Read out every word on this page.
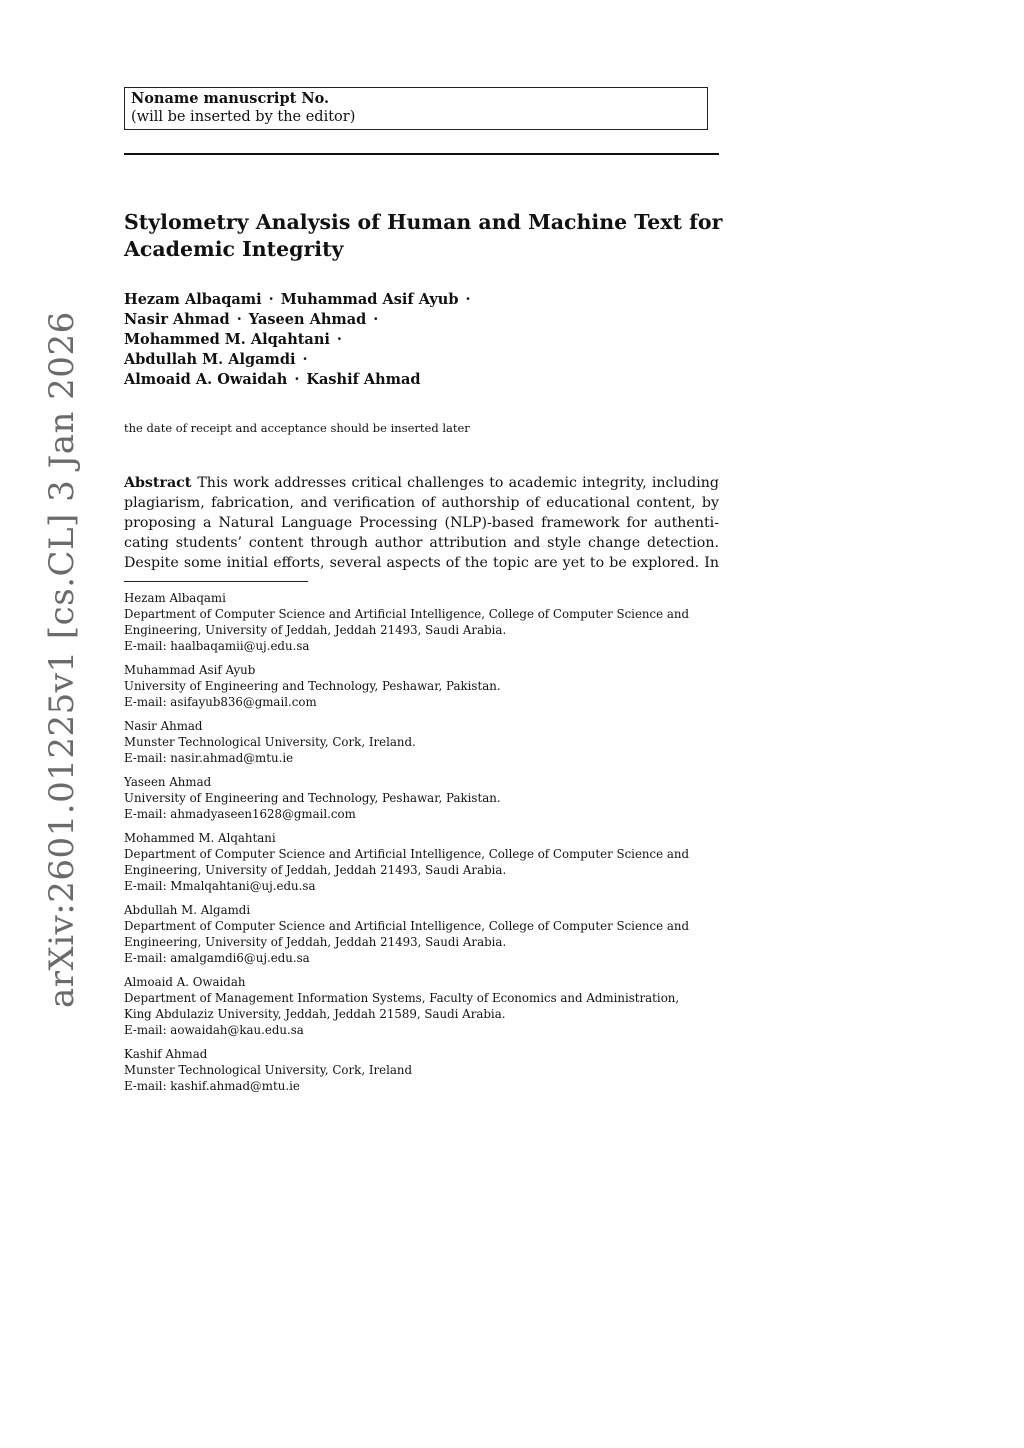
Noname manuscript No.
(will be inserted by the editor)
Stylometry Analysis of Human and Machine Text for
Academic Integrity
Hezam Albaqami · Muhammad Asif Ayub ·
Nasir Ahmad · Yaseen Ahmad ·
Mohammed M. Alqahtani ·
Abdullah M. Algamdi ·
Almoaid A. Owaidah · Kashif Ahmad
the date of receipt and acceptance should be inserted later
Abstract This work addresses critical challenges to academic integrity, including
plagiarism, fabrication, and verification of authorship of educational content, by
proposing a Natural Language Processing (NLP)-based framework for authenti-
cating students’ content through author attribution and style change detection.
Despite some initial efforts, several aspects of the topic are yet to be explored. In
Hezam Albaqami
Department of Computer Science and Artificial Intelligence, College of Computer Science and
Engineering, University of Jeddah, Jeddah 21493, Saudi Arabia.
E-mail: haalbaqamii@uj.edu.sa
Muhammad Asif Ayub
University of Engineering and Technology, Peshawar, Pakistan.
E-mail: asifayub836@gmail.com
Nasir Ahmad
Munster Technological University, Cork, Ireland.
E-mail: nasir.ahmad@mtu.ie
Yaseen Ahmad
University of Engineering and Technology, Peshawar, Pakistan.
E-mail: ahmadyaseen1628@gmail.com
Mohammed M. Alqahtani
Department of Computer Science and Artificial Intelligence, College of Computer Science and
Engineering, University of Jeddah, Jeddah 21493, Saudi Arabia.
E-mail: Mmalqahtani@uj.edu.sa
Abdullah M. Algamdi
Department of Computer Science and Artificial Intelligence, College of Computer Science and
Engineering, University of Jeddah, Jeddah 21493, Saudi Arabia.
E-mail: amalgamdi6@uj.edu.sa
Almoaid A. Owaidah
Department of Management Information Systems, Faculty of Economics and Administration,
King Abdulaziz University, Jeddah, Jeddah 21589, Saudi Arabia.
E-mail: aowaidah@kau.edu.sa
Kashif Ahmad
Munster Technological University, Cork, Ireland
E-mail: kashif.ahmad@mtu.ie
arXiv:2601.01225v1 [cs.CL] 3 Jan 2026
